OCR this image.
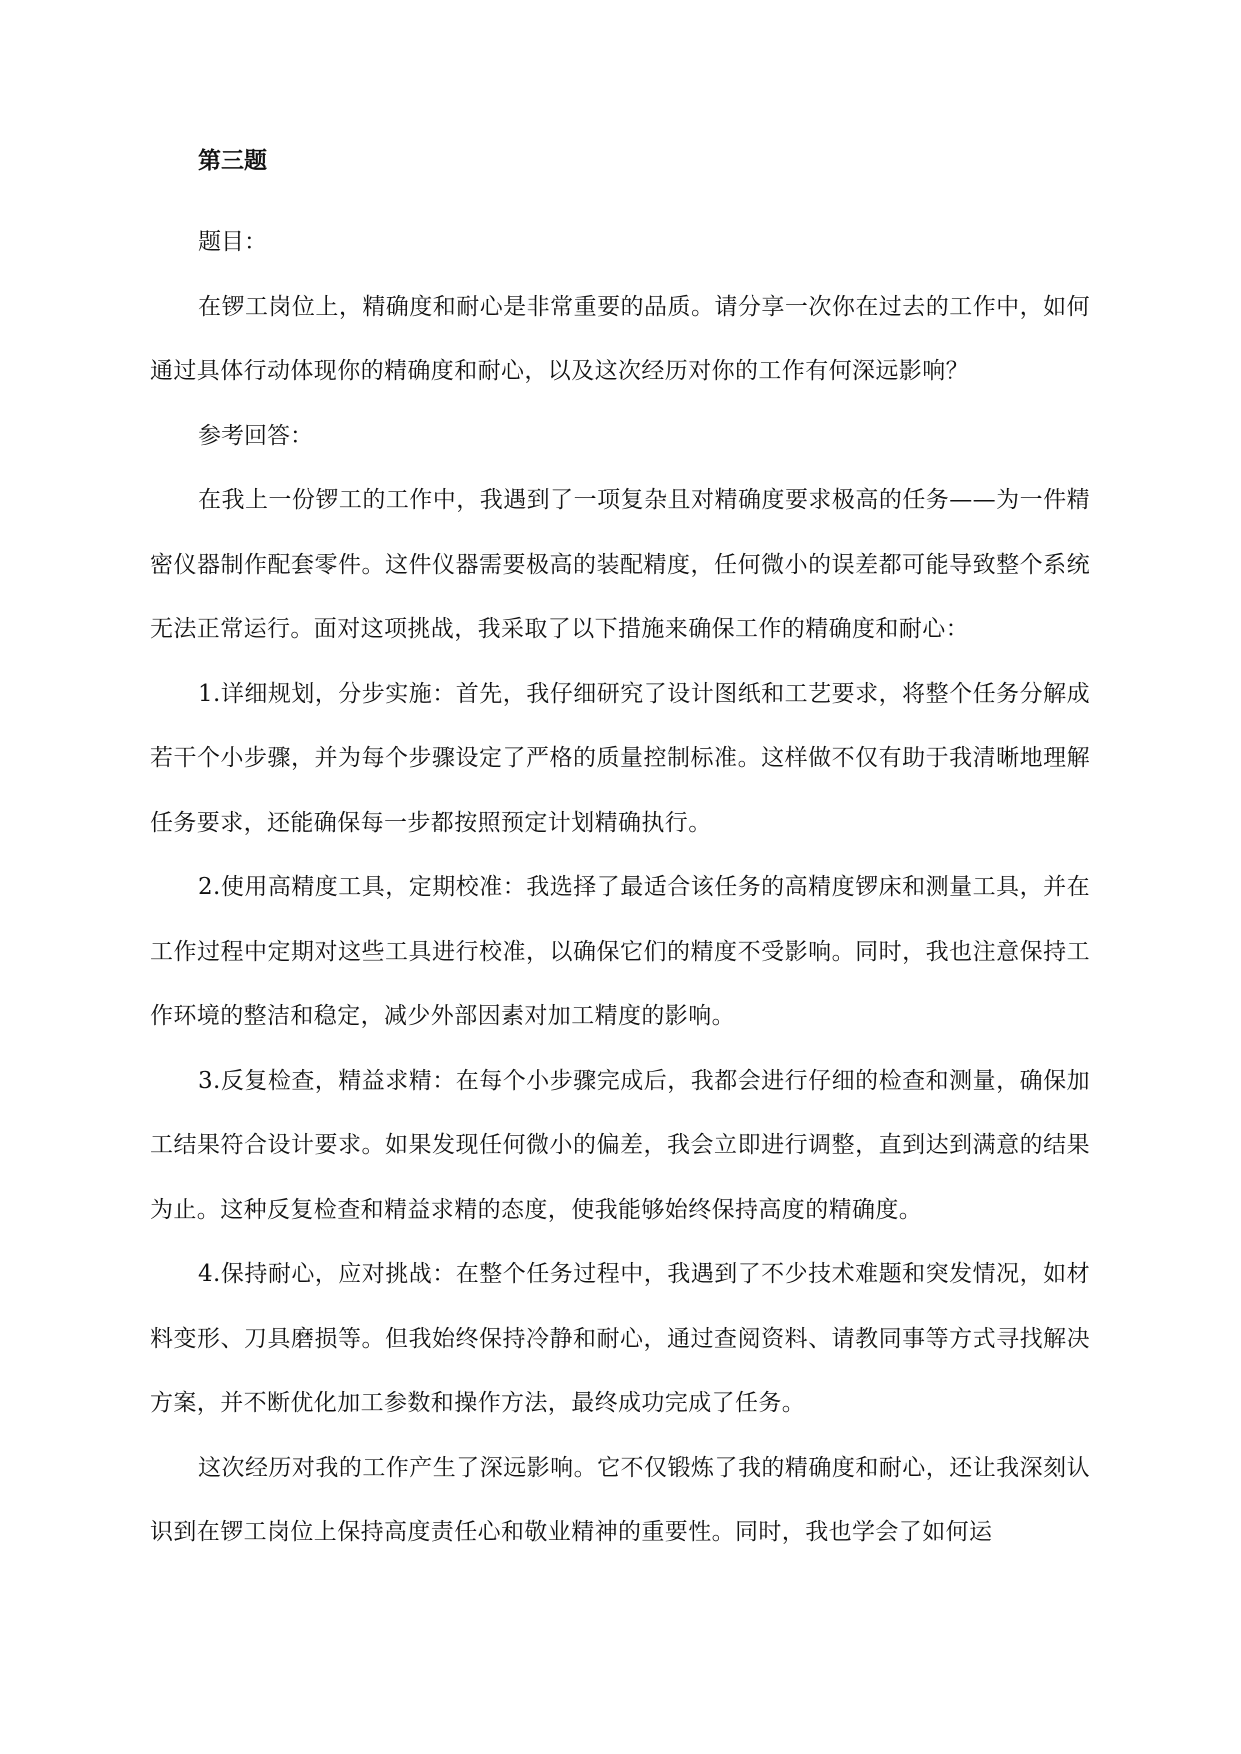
第三题

题目：

在锣工岗位上，精确度和耐心是非常重要的品质。请分享一次你在过去的工作中，如何通过具体行动体现你的精确度和耐心，以及这次经历对你的工作有何深远影响？

参考回答：

在我上一份锣工的工作中，我遇到了一项复杂且对精确度要求极高的任务——为一件精密仪器制作配套零件。这件仪器需要极高的装配精度，任何微小的误差都可能导致整个系统无法正常运行。面对这项挑战，我采取了以下措施来确保工作的精确度和耐心：

1.详细规划，分步实施：首先，我仔细研究了设计图纸和工艺要求，将整个任务分解成若干个小步骤，并为每个步骤设定了严格的质量控制标准。这样做不仅有助于我清晰地理解任务要求，还能确保每一步都按照预定计划精确执行。

2.使用高精度工具，定期校准：我选择了最适合该任务的高精度锣床和测量工具，并在工作过程中定期对这些工具进行校准，以确保它们的精度不受影响。同时，我也注意保持工作环境的整洁和稳定，减少外部因素对加工精度的影响。

3.反复检查，精益求精：在每个小步骤完成后，我都会进行仔细的检查和测量，确保加工结果符合设计要求。如果发现任何微小的偏差，我会立即进行调整，直到达到满意的结果为止。这种反复检查和精益求精的态度，使我能够始终保持高度的精确度。

4.保持耐心，应对挑战：在整个任务过程中，我遇到了不少技术难题和突发情况，如材料变形、刀具磨损等。但我始终保持冷静和耐心，通过查阅资料、请教同事等方式寻找解决方案，并不断优化加工参数和操作方法，最终成功完成了任务。

这次经历对我的工作产生了深远影响。它不仅锻炼了我的精确度和耐心，还让我深刻认识到在锣工岗位上保持高度责任心和敬业精神的重要性。同时，我也学会了如何运
